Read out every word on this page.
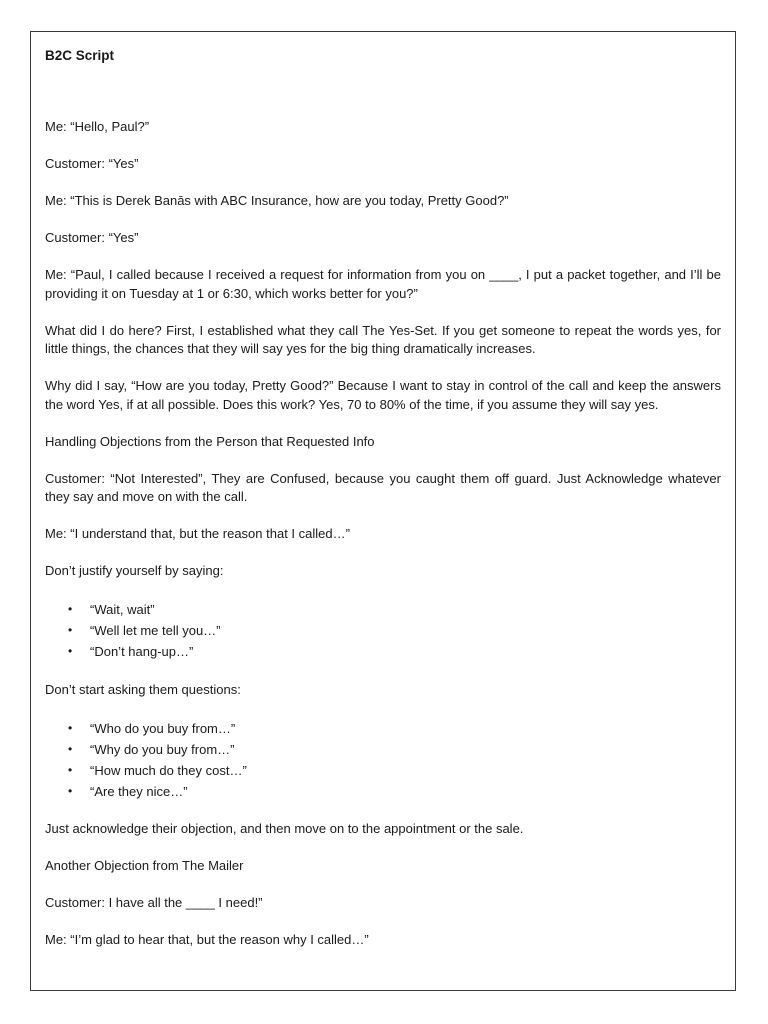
B2C Script

Me: “Hello, Paul?”

Customer: “Yes”

Me: “This is Derek Banās with ABC Insurance, how are you today, Pretty Good?”

Customer: “Yes”

Me: “Paul, I called because I received a request for information from you on ____, I put a packet together, and I’ll be providing it on Tuesday at 1 or 6:30, which works better for you?”

What did I do here? First, I established what they call The Yes-Set. If you get someone to repeat the words yes, for little things, the chances that they will say yes for the big thing dramatically increases.

Why did I say, “How are you today, Pretty Good?” Because I want to stay in control of the call and keep the answers the word Yes, if at all possible. Does this work? Yes, 70 to 80% of the time, if you assume they will say yes.

Handling Objections from the Person that Requested Info

Customer: “Not Interested”, They are Confused, because you caught them off guard. Just Acknowledge whatever they say and move on with the call.

Me: “I understand that, but the reason that I called…”

Don’t justify yourself by saying:

• “Wait, wait”
• “Well let me tell you…”
• “Don’t hang-up…”

Don’t start asking them questions:

• “Who do you buy from…”
• “Why do you buy from…”
• “How much do they cost…”
• “Are they nice…”

Just acknowledge their objection, and then move on to the appointment or the sale.

Another Objection from The Mailer

Customer: I have all the ____ I need!”

Me: “I’m glad to hear that, but the reason why I called…”
